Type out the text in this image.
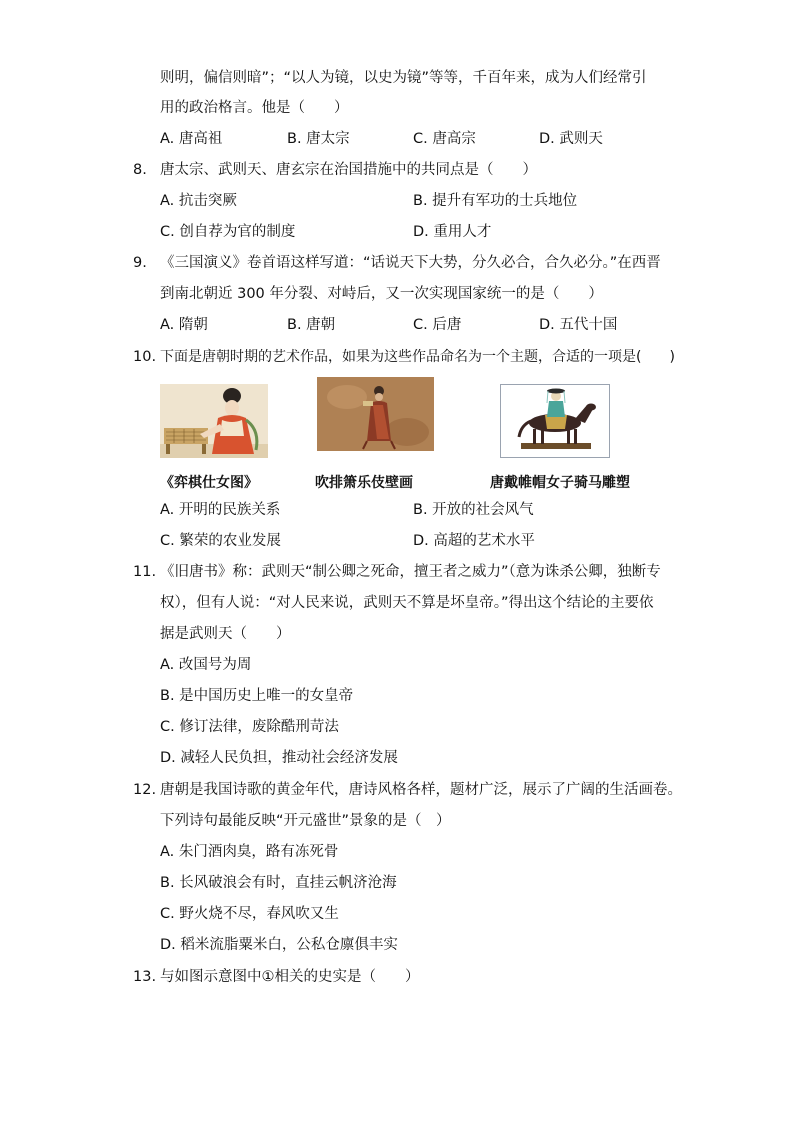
则明，偏信则暗”；“以人为镜，以史为镜”等等，千百年来，成为人们经常引
用的政治格言。他是（　　）
A. 唐高祖	B. 唐太宗	C. 唐高宗	D. 武则天
8. 唐太宗、武则天、唐玄宗在治国措施中的共同点是（　　）
A. 抗击突厥	B. 提升有军功的士兵地位
C. 创自荐为官的制度	D. 重用人才
9. 《三国演义》卷首语这样写道：“话说天下大势，分久必合，合久必分。”在西晋
到南北朝近 300 年分裂、对峙后，又一次实现国家统一的是（　　）
A. 隋朝	B. 唐朝	C. 后唐	D. 五代十国
10. 下面是唐朝时期的艺术作品，如果为这些作品命名为一个主题，合适的一项是(　　)
《弈棋仕女图》	吹排箫乐伎壁画	唐戴帷帽女子骑马雕塑
A. 开明的民族关系	B. 开放的社会风气
C. 繁荣的农业发展	D. 高超的艺术水平
11. 《旧唐书》称：武则天“制公卿之死命，擅王者之威力”（意为诛杀公卿，独断专
权），但有人说：“对人民来说，武则天不算是坏皇帝。”得出这个结论的主要依
据是武则天（　　）
A. 改国号为周
B. 是中国历史上唯一的女皇帝
C. 修订法律，废除酷刑苛法
D. 减轻人民负担，推动社会经济发展
12. 唐朝是我国诗歌的黄金年代，唐诗风格各样，题材广泛，展示了广阔的生活画卷。
下列诗句最能反映“开元盛世”景象的是（　）
A. 朱门酒肉臭，路有冻死骨
B. 长风破浪会有时，直挂云帆济沧海
C. 野火烧不尽，春风吹又生
D. 稻米流脂粟米白，公私仓廪俱丰实
13. 与如图示意图中①相关的史实是（　　）
